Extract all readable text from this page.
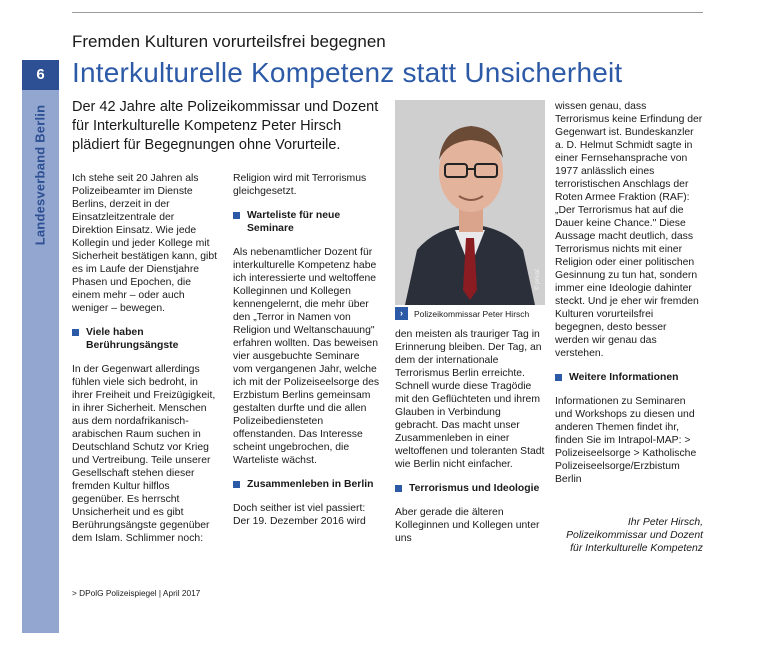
6
Landesverband Berlin
Fremden Kulturen vorurteilsfrei begegnen
Interkulturelle Kompetenz statt Unsicherheit
Der 42 Jahre alte Polizeikommissar und Dozent für Interkulturelle Kompetenz Peter Hirsch plädiert für Begegnungen ohne Vorurteile.

Ich stehe seit 20 Jahren als Polizeibeamter im Dienste Berlins, derzeit in der Einsatzleitzentrale der Direktion Einsatz. Wie jede Kollegin und jeder Kollege mit Sicherheit bestätigen kann, gibt es im Laufe der Dienstjahre Phasen und Epochen, die einem mehr – oder auch weniger – bewegen.

Viele haben Berührungsängste

In der Gegenwart allerdings fühlen viele sich bedroht, in ihrer Freiheit und Freizügigkeit, in ihrer Sicherheit. Menschen aus dem nordafrikanisch-arabischen Raum suchen in Deutschland Schutz vor Krieg und Vertreibung. Teile unserer Gesellschaft stehen dieser fremden Kultur hilflos gegenüber. Es herrscht Unsicherheit und es gibt Berührungsängste gegenüber dem Islam. Schlimmer noch:

Religion wird mit Terrorismus gleichgesetzt.

Warteliste für neue Seminare

Als nebenamtlicher Dozent für interkulturelle Kompetenz habe ich interessierte und weltoffene Kolleginnen und Kollegen kennengelernt, die mehr über den „Terror in Namen von Religion und Weltanschauung" erfahren wollten. Das beweisen vier ausgebuchte Seminare vom vergangenen Jahr, welche ich mit der Polizeiseelsorge des Erzbistum Berlins gemeinsam gestalten durfte und die allen Polizeibediensteten offenstanden. Das Interesse scheint ungebrochen, die Warteliste wächst.

Zusammenleben in Berlin

Doch seither ist viel passiert: Der 19. Dezember 2016 wird

© privat
›	Polizeikommissar Peter Hirsch

den meisten als trauriger Tag in Erinnerung bleiben. Der Tag, an dem der internationale Terrorismus Berlin erreichte. Schnell wurde diese Tragödie mit den Geflüchteten und ihrem Glauben in Verbindung gebracht. Das macht unser Zusammenleben in einer weltoffenen und toleranten Stadt wie Berlin nicht einfacher.

Terrorismus und Ideologie

Aber gerade die älteren Kolleginnen und Kollegen unter uns

wissen genau, dass Terrorismus keine Erfindung der Gegenwart ist. Bundeskanzler a. D. Helmut Schmidt sagte in einer Fernsehansprache von 1977 anlässlich eines terroristischen Anschlags der Roten Armee Fraktion (RAF): „Der Terrorismus hat auf die Dauer keine Chance." Diese Aussage macht deutlich, dass Terrorismus nichts mit einer Religion oder einer politischen Gesinnung zu tun hat, sondern immer eine Ideologie dahinter steckt. Und je eher wir fremden Kulturen vorurteilsfrei begegnen, desto besser werden wir genau das verstehen.

Weitere Informationen

Informationen zu Seminaren und Workshops zu diesen und anderen Themen findet ihr, finden Sie im Intrapol-MAP: > Polizeiseelsorge > Katholische Polizeiseelsorge/Erzbistum Berlin

Ihr Peter Hirsch,
Polizeikommissar und Dozent
für Interkulturelle Kompetenz
> DPolG Polizeispiegel | April 2017
